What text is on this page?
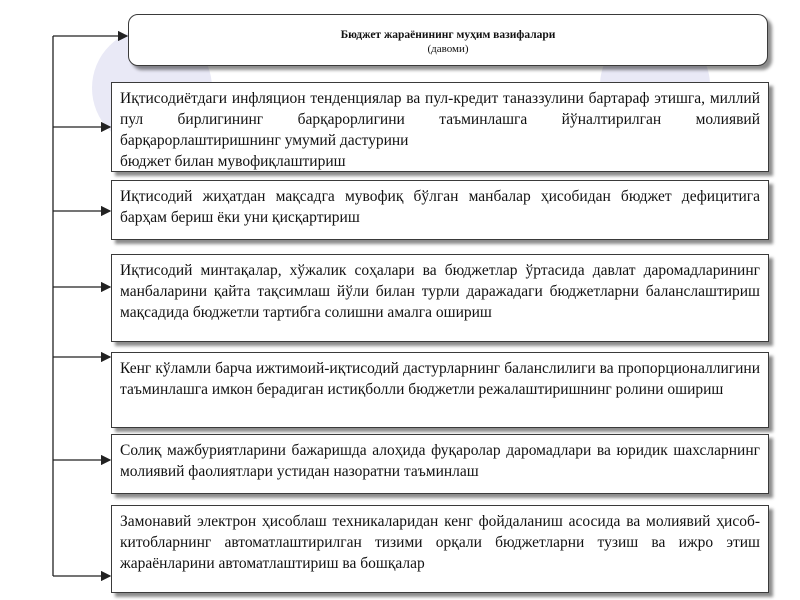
Бюджет жараёнининг муҳим вазифалари
(давоми)

Иқтисодиётдаги инфляцион тенденциялар ва пул-кредит таназзулини бартараф этишга, миллий пул бирлигининг барқарорлигини таъминлашга йўналтирилган молиявий барқарорлаштиришнинг умумий дастурини

бюджет билан мувофиқлаштириш

Иқтисодий жиҳатдан мақсадга мувофиқ бўлган манбалар ҳисобидан бюджет дефицитига барҳам бериш ёки уни қисқартириш

Иқтисодий минтақалар, хўжалик соҳалари ва бюджетлар ўртасида давлат даромадларининг манбаларини қайта тақсимлаш йўли билан турли даражадаги бюджетларни баланслаштириш мақсадида бюджетли тартибга солишни амалга ошириш

Кенг кўламли барча ижтимоий-иқтисодий дастурларнинг баланслилиги ва пропорционаллигини таъминлашга имкон берадиган истиқболли бюджетли режалаштиришнинг ролини ошириш

Солиқ мажбуриятларини бажаришда алоҳида фуқаролар даромадлари ва юридик шахсларнинг молиявий фаолиятлари устидан назоратни таъминлаш

Замонавий электрон ҳисоблаш техникаларидан кенг фойдаланиш асосида ва молиявий ҳисоб-китобларнинг автоматлаштирилган тизими орқали бюджетларни тузиш ва ижро этиш жараёнларини автоматлаштириш ва бошқалар
